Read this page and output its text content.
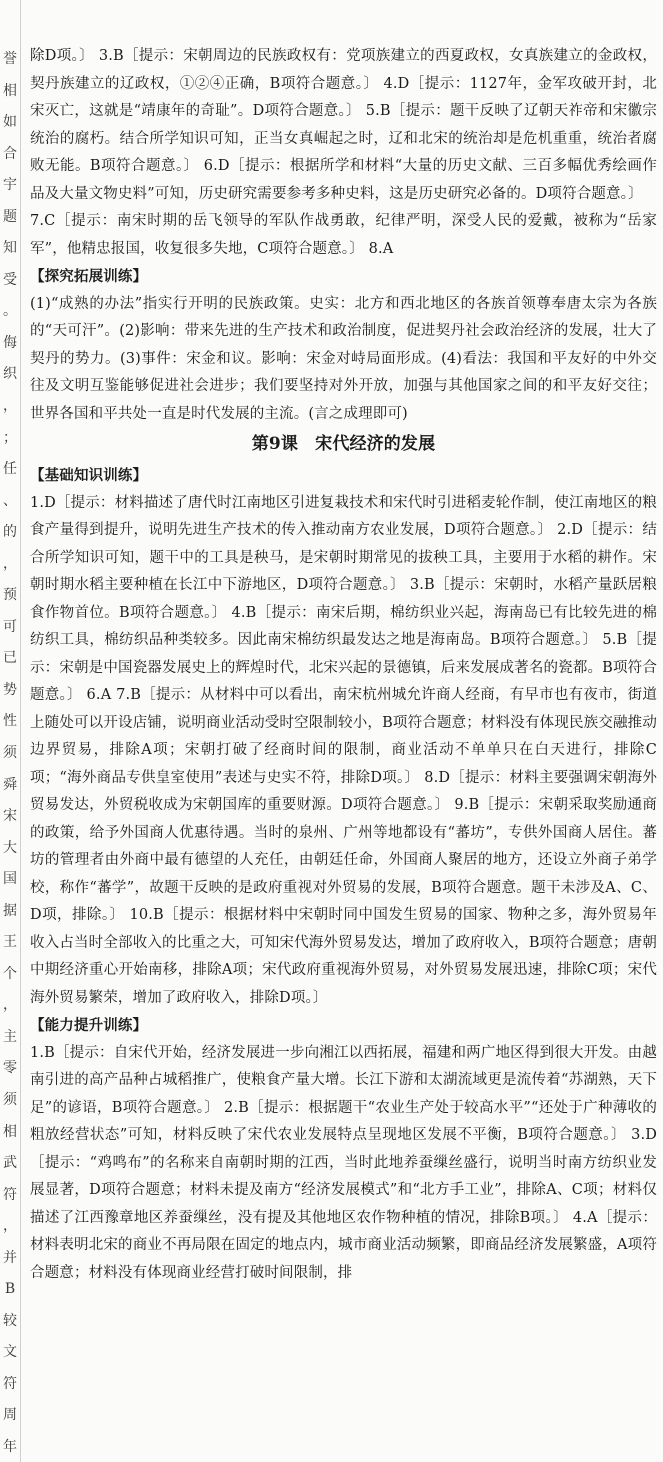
誉
相
如
合
宇
题
知
受
。
侮
织
，
；
任
、
的
，
预
可
已
势
性
须
舜
宋
大
国
据
王
个
，
主
零
须
相
武
符
，
并
B
较
文
符
周
年

除D项。〕 3.B［提示：宋朝周边的民族政权有：党项族建立的西夏政权，女真族建立的金政权，契丹族建立的辽政权，①②④正确，B项符合题意。〕 4.D［提示：1127年，金军攻破开封，北宋灭亡，这就是“靖康年的奇耻”。D项符合题意。〕 5.B［提示：题干反映了辽朝天祚帝和宋徽宗统治的腐朽。结合所学知识可知，正当女真崛起之时，辽和北宋的统治却是危机重重，统治者腐败无能。B项符合题意。〕 6.D［提示：根据所学和材料“大量的历史文献、三百多幅优秀绘画作品及大量文物史料”可知，历史研究需要参考多种史料，这是历史研究必备的。D项符合题意。〕

7.C［提示：南宋时期的岳飞领导的军队作战勇敢，纪律严明，深受人民的爱戴，被称为“岳家军”，他精忠报国，收复很多失地，C项符合题意。〕 8.A

【探究拓展训练】

(1)“成熟的办法”指实行开明的民族政策。史实：北方和西北地区的各族首领尊奉唐太宗为各族的“天可汗”。(2)影响：带来先进的生产技术和政治制度，促进契丹社会政治经济的发展，壮大了契丹的势力。(3)事件：宋金和议。影响：宋金对峙局面形成。(4)看法：我国和平友好的中外交往及文明互鉴能够促进社会进步；我们要坚持对外开放，加强与其他国家之间的和平友好交往；世界各国和平共处一直是时代发展的主流。(言之成理即可)

第9课　宋代经济的发展

【基础知识训练】

1.D［提示：材料描述了唐代时江南地区引进复栽技术和宋代时引进稻麦轮作制，使江南地区的粮食产量得到提升，说明先进生产技术的传入推动南方农业发展，D项符合题意。〕 2.D［提示：结合所学知识可知，题干中的工具是秧马，是宋朝时期常见的拔秧工具，主要用于水稻的耕作。宋朝时期水稻主要种植在长江中下游地区，D项符合题意。〕 3.B［提示：宋朝时，水稻产量跃居粮食作物首位。B项符合题意。〕 4.B［提示：南宋后期，棉纺织业兴起，海南岛已有比较先进的棉纺织工具，棉纺织品种类较多。因此南宋棉纺织最发达之地是海南岛。B项符合题意。〕 5.B［提示：宋朝是中国瓷器发展史上的辉煌时代，北宋兴起的景德镇，后来发展成著名的瓷都。B项符合题意。〕 6.A 7.B［提示：从材料中可以看出，南宋杭州城允许商人经商，有早市也有夜市，街道上随处可以开设店铺，说明商业活动受时空限制较小，B项符合题意；材料没有体现民族交融推动边界贸易，排除A项；宋朝打破了经商时间的限制，商业活动不单单只在白天进行，排除C项；“海外商品专供皇室使用”表述与史实不符，排除D项。〕 8.D［提示：材料主要强调宋朝海外贸易发达，外贸税收成为宋朝国库的重要财源。D项符合题意。〕 9.B［提示：宋朝采取奖励通商的政策，给予外国商人优惠待遇。当时的泉州、广州等地都设有“蕃坊”，专供外国商人居住。蕃坊的管理者由外商中最有德望的人充任，由朝廷任命，外国商人聚居的地方，还设立外商子弟学校，称作“蕃学”，故题干反映的是政府重视对外贸易的发展，B项符合题意。题干未涉及A、C、D项，排除。〕 10.B［提示：根据材料中宋朝时同中国发生贸易的国家、物种之多，海外贸易年收入占当时全部收入的比重之大，可知宋代海外贸易发达，增加了政府收入，B项符合题意；唐朝中期经济重心开始南移，排除A项；宋代政府重视海外贸易，对外贸易发展迅速，排除C项；宋代海外贸易繁荣，增加了政府收入，排除D项。〕

【能力提升训练】

1.B［提示：自宋代开始，经济发展进一步向湘江以西拓展，福建和两广地区得到很大开发。由越南引进的高产品种占城稻推广，使粮食产量大增。长江下游和太湖流域更是流传着“苏湖熟，天下足”的谚语，B项符合题意。〕 2.B［提示：根据题干“农业生产处于较高水平”“还处于广种薄收的粗放经营状态”可知，材料反映了宋代农业发展特点呈现地区发展不平衡，B项符合题意。〕 3.D［提示：“鸡鸣布”的名称来自南朝时期的江西，当时此地养蚕缫丝盛行，说明当时南方纺织业发展显著，D项符合题意；材料未提及南方“经济发展模式”和“北方手工业”，排除A、C项；材料仅描述了江西豫章地区养蚕缫丝，没有提及其他地区农作物种植的情况，排除B项。〕 4.A［提示：材料表明北宋的商业不再局限在固定的地点内，城市商业活动频繁，即商品经济发展繁盛，A项符合题意；材料没有体现商业经营打破时间限制，排
